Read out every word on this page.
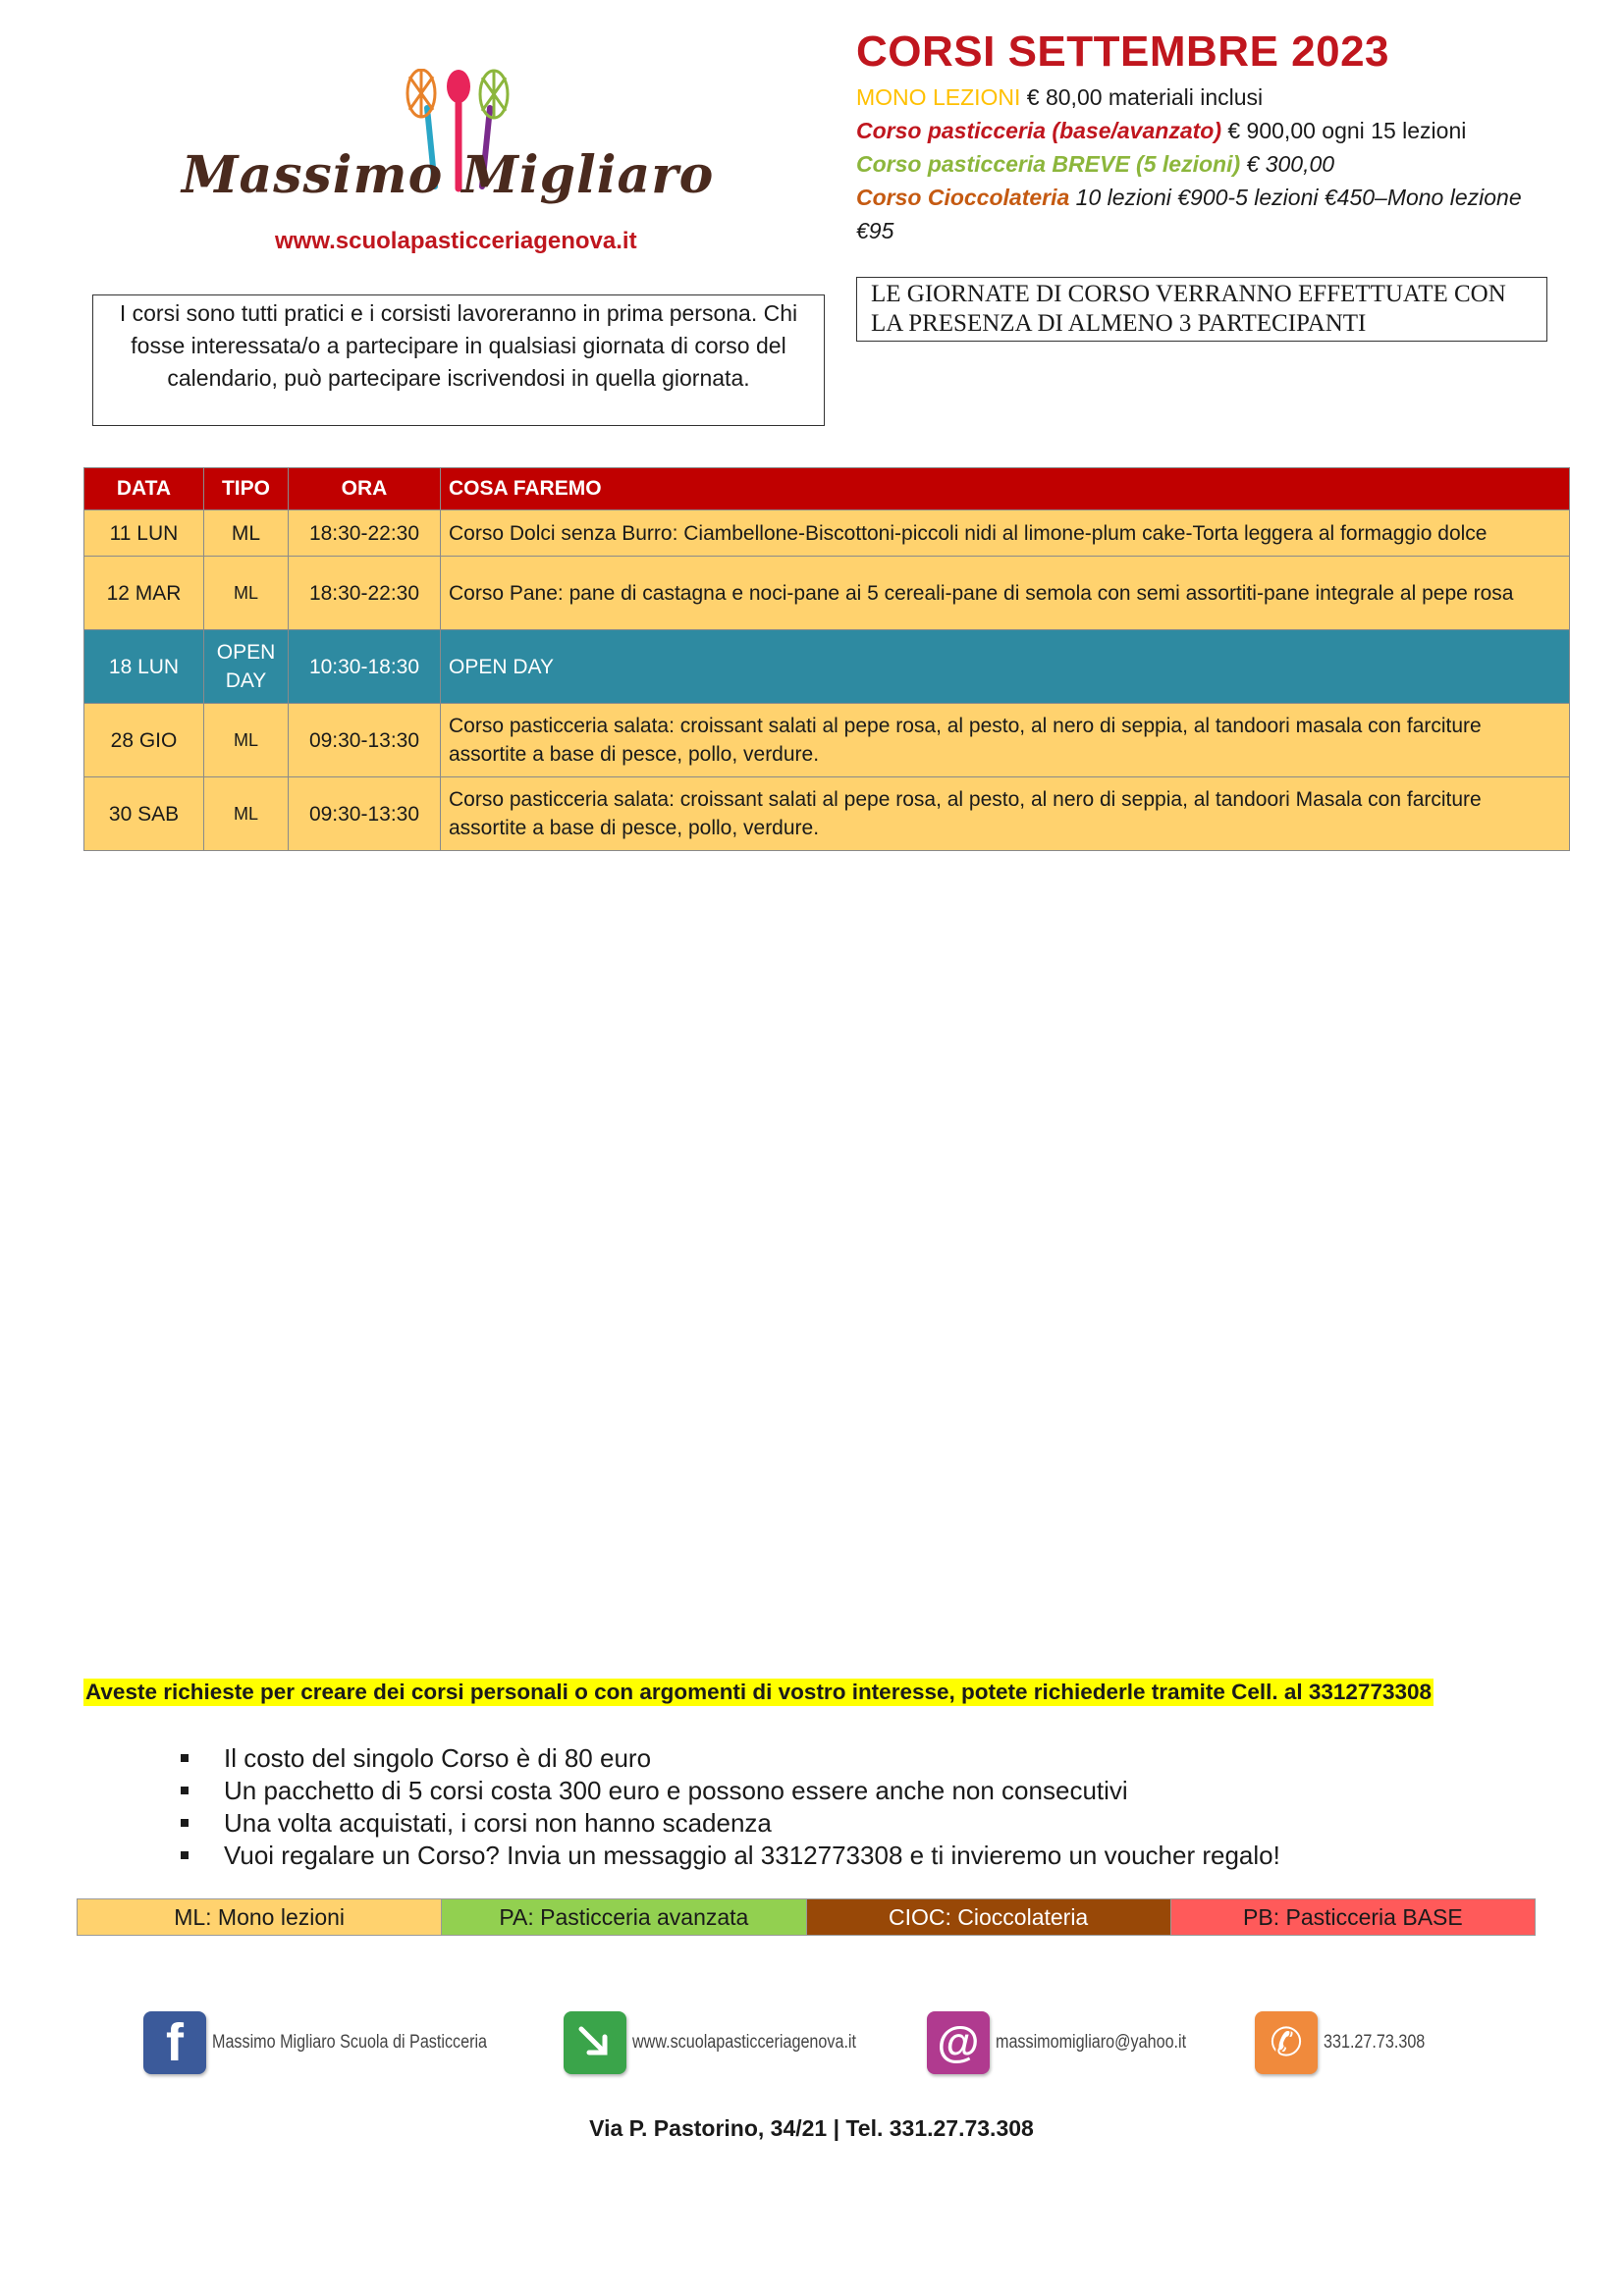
Massimo Migliaro
www.scuolapasticceriagenova.it
CORSI SETTEMBRE 2023
MONO LEZIONI € 80,00 materiali inclusi
Corso pasticceria (base/avanzato) € 900,00 ogni 15 lezioni
Corso pasticceria BREVE (5 lezioni) € 300,00
Corso Cioccolateria 10 lezioni €900-5 lezioni €450–Mono lezione €95
LE GIORNATE DI CORSO VERRANNO EFFETTUATE CON LA PRESENZA DI ALMENO 3 PARTECIPANTI
I corsi sono tutti pratici e i corsisti lavoreranno in prima persona. Chi fosse interessata/o a partecipare in qualsiasi giornata di corso del calendario, può partecipare iscrivendosi in quella giornata.
DATA	TIPO	ORA	COSA FAREMO
11 LUN	ML	18:30-22:30	Corso Dolci senza Burro: Ciambellone-Biscottoni-piccoli nidi al limone-plum cake-Torta leggera al formaggio dolce
12 MAR	ML	18:30-22:30	Corso Pane: pane di castagna e noci-pane ai 5 cereali-pane di semola con semi assortiti-pane integrale al pepe rosa
18 LUN	OPEN DAY	10:30-18:30	OPEN DAY
28 GIO	ML	09:30-13:30	Corso pasticceria salata: croissant salati al pepe rosa, al pesto, al nero di seppia, al tandoori masala con farciture assortite a base di pesce, pollo, verdure.
30 SAB	ML	09:30-13:30	Corso pasticceria salata: croissant salati al pepe rosa, al pesto, al nero di seppia, al tandoori Masala con farciture assortite a base di pesce, pollo, verdure.
Aveste richieste per creare dei corsi personali o con argomenti di vostro interesse, potete richiederle tramite Cell. al 3312773308
Il costo del singolo Corso è di 80 euro
Un pacchetto di 5 corsi costa 300 euro e possono essere anche non consecutivi
Una volta acquistati, i corsi non hanno scadenza
Vuoi regalare un Corso? Invia un messaggio al 3312773308 e ti invieremo un voucher regalo!
ML: Mono lezioni	PA: Pasticceria avanzata	CIOC: Cioccolateria	PB: Pasticceria BASE
f	Massimo Migliaro Scuola di Pasticceria	www.scuolapasticceriagenova.it @ massimomigliaro@yahoo.it	✆	331.27.73.308
Via P. Pastorino, 34/21 | Tel. 331.27.73.308
